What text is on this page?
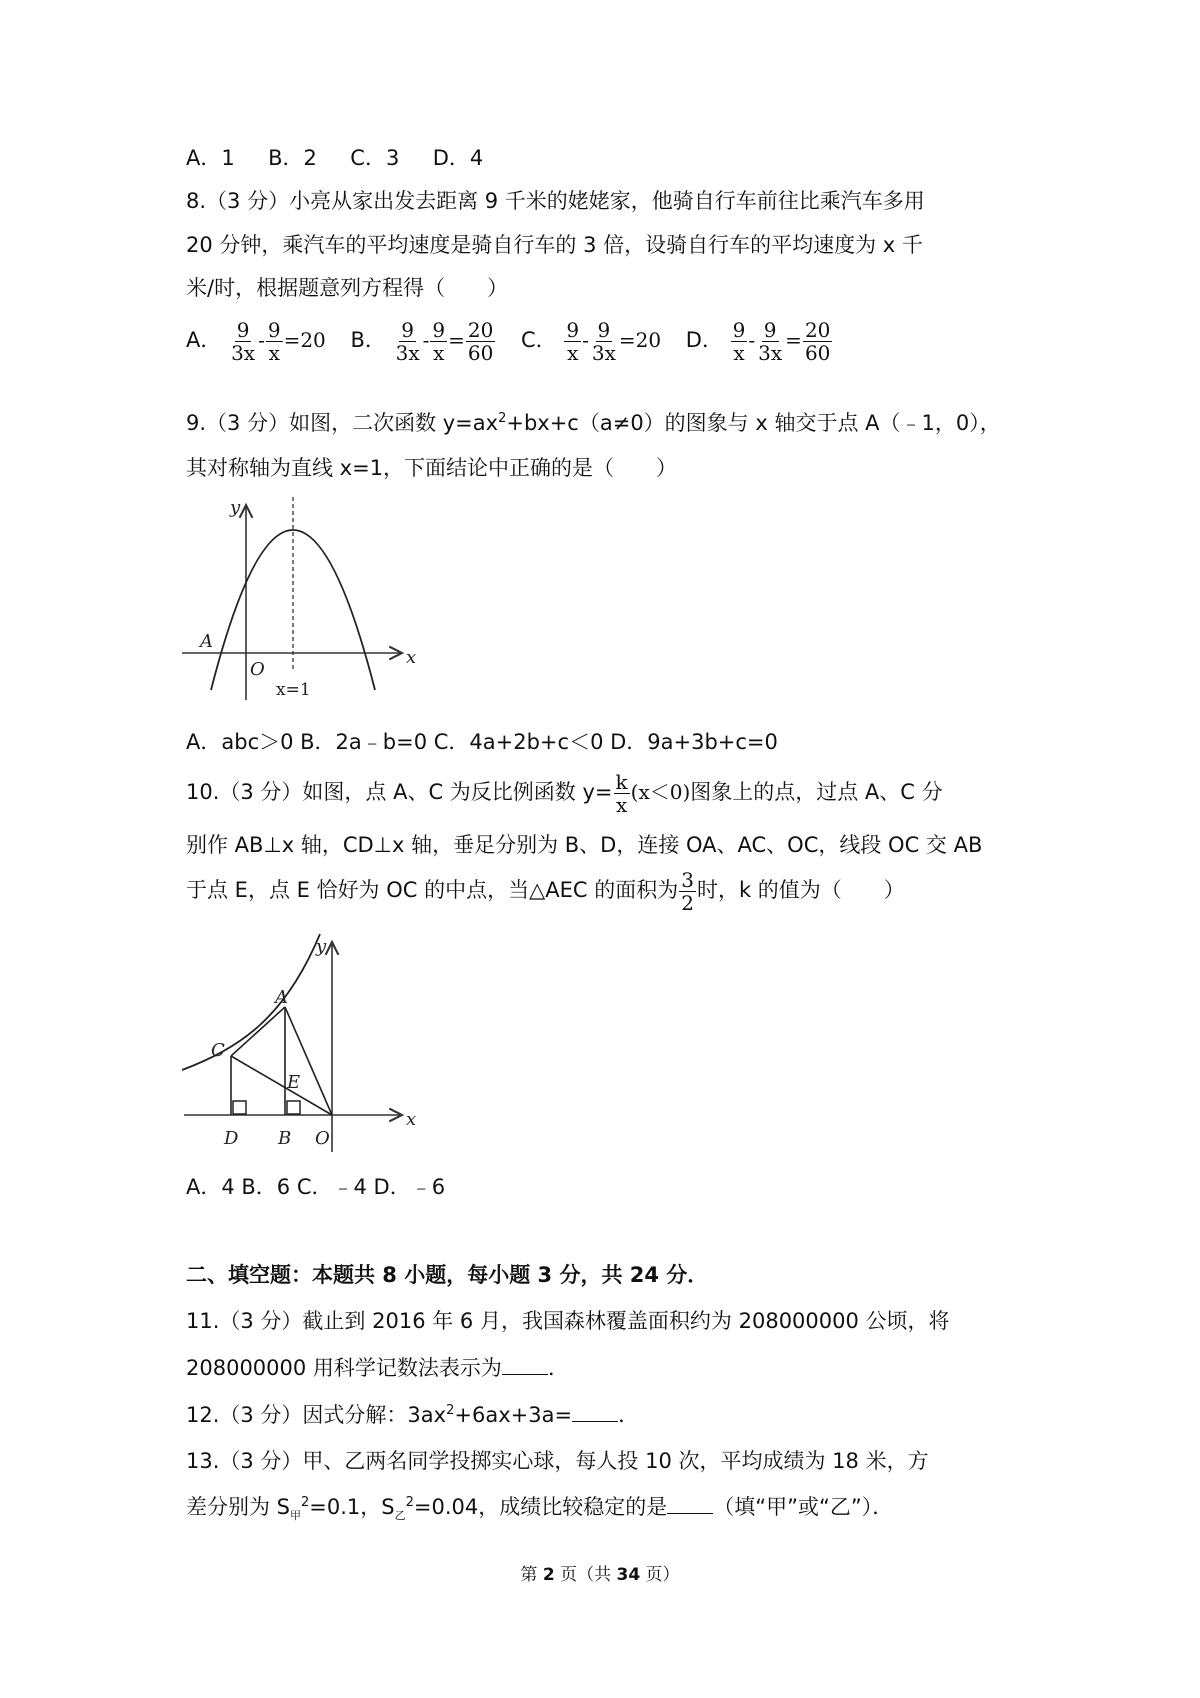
A．1 B．2 C．3 D．4
8.（3 分）小亮从家出发去距离 9 千米的姥姥家，他骑自行车前往比乘汽车多用
20 分钟，乘汽车的平均速度是骑自行车的 3 倍，设骑自行车的平均速度为 x 千
米/时，根据题意列方程得（　　）
A． $\frac{9}{3x} - \frac{9}{x} =20$ B． $\frac{9}{3x} - \frac{9}{x} = \frac{20}{60}$ C． $\frac{9}{x} - \frac{9}{3x} =20$ D． $\frac{9}{x} - \frac{9}{3x} = \frac{20}{60}$
9.（3 分）如图，二次函数 $y=ax^2+bx+c(a\ne 0)$的图象与 x 轴交于点 A（﹣1，0），
其对称轴为直线 x=1，下面结论中正确的是（　　）
y
x
O
A
x=1
A．abc＞0 B．2a﹣b=0 C．4a+2b+c＜0 D．9a+3b+c=0
10.（3 分）如图，点 A、C 为反比例函数 $y= \frac{k}{x} (x<0)$图象上的点，过点 A、C 分
别作 AB⊥x 轴，CD⊥x 轴，垂足分别为 B、D，连接 OA、AC、OC，线段 OC 交 AB
于点 E，点 E 恰好为 OC 的中点，当△AEC 的面积为 $\frac{3}{2}$ 时，k 的值为（　　）
y
x
A
C
E
D B O
A．4 B．6 C．﹣4 D．﹣6
二、填空题：本题共 8 小题，每小题 3 分，共 24 分．
11.（3 分）截止到 2016 年 6 月，我国森林覆盖面积约为 208000000 公顷，将
208000000 用科学记数法表示为 ．
12.（3 分）因式分解：$3ax^2+6ax+3a=$ ．
13.（3 分）甲、乙两名同学投掷实心球，每人投 10 次，平均成绩为 18 米，方
差分别为 $S_甲^2=0.1$，$S_乙^2=0.04$，成绩比较稳定的是 （填“甲”或“乙”）．
第 2 页（共 34 页）
